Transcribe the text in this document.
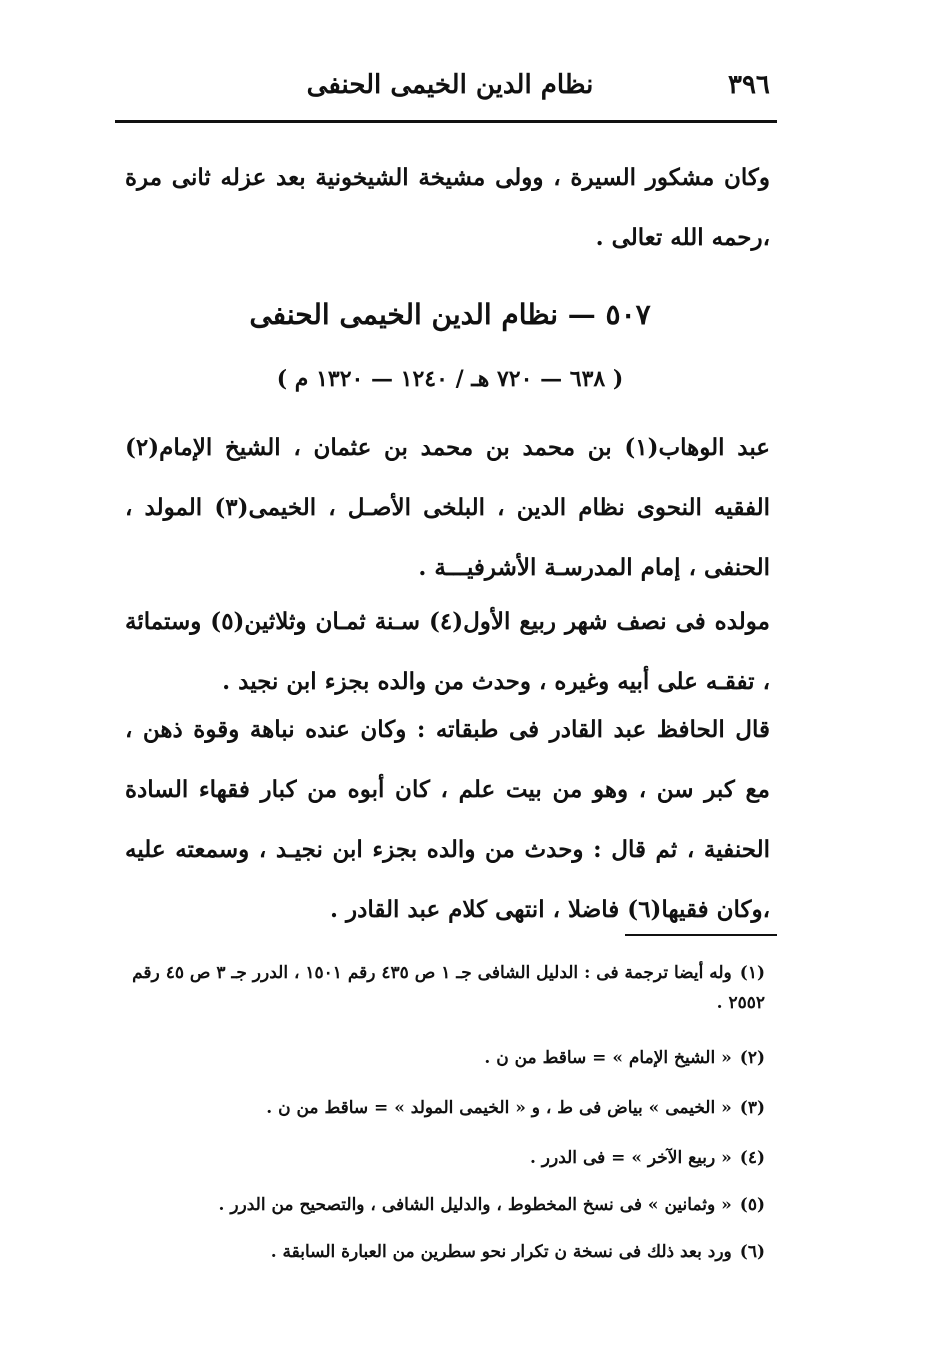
٣٩٦
نظام الدين الخيمى الحنفى
وكان مشكور السيرة ، وولى مشيخة الشيخونية بعد عزله ثانى مرة ،رحمه الله تعالى .
٥٠٧ — نظام الدين الخيمى الحنفى
( ٦٣٨ — ٧٢٠ هـ / ١٢٤٠ — ١٣٢٠ م )
عبد الوهاب(١) بن محمد بن محمد بن عثمان ، الشيخ الإمام(٢) الفقيه النحوى نظام الدين ، البلخى الأصـل ، الخيمى(٣) المولد ، الحنفى ، إمام المدرسـة الأشرفيـــة .
مولده فى نصف شهر ربيع الأول(٤) سـنة ثمـان وثلاثين(٥) وستمائة ، تفقـه على أبيه وغيره ، وحدث من والده بجزء ابن نجيد .
قال الحافظ عبد القادر فى طبقاته : وكان عنده نباهة وقوة ذهن ، مع كبر سن ، وهو من بيت علم ، كان أبوه من كبار فقهاء السادة الحنفية ، ثم قال : وحدث من والده بجزء ابن نجيـد ، وسمعته عليه ،وكان فقيها(٦) فاضلا ، انتهى كلام عبد القادر .
(١)وله أيضا ترجمة فى : الدليل الشافى جـ ١ ص ٤٣٥ رقم ١٥٠١ ، الدرر جـ ٣ ص ٤٥ رقم ٢٥٥٢ .
(٢)« الشيخ الإمام » = ساقط من ن .
(٣)« الخيمى » بياض فى ط ، و « الخيمى المولد » = ساقط من ن .
(٤)« ربيع الآخر » = فى الدرر .
(٥)« وثمانين » فى نسخ المخطوط ، والدليل الشافى ، والتصحيح من الدرر .
(٦)ورد بعد ذلك فى نسخة ن تكرار نحو سطرين من العبارة السابقة .
